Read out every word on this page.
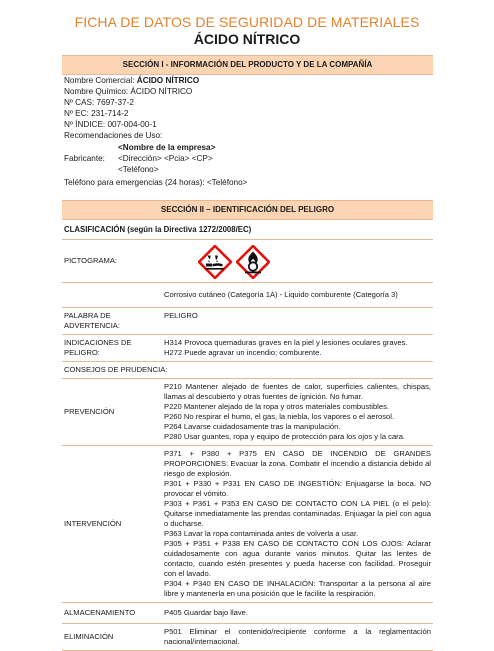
FICHA DE DATOS DE SEGURIDAD DE MATERIALES
ÁCIDO NÍTRICO
SECCIÓN I - INFORMACIÓN DEL PRODUCTO Y DE LA COMPAÑÍA
Nombre Comercial: ÁCIDO NÍTRICO
Nombre Químico: ÁCIDO NÍTRICO
Nº CAS: 7697-37-2
Nº EC: 231-714-2
Nº ÍNDICE: 007-004-00-1
Recomendaciones de Uso:
Fabricante:
<Nombre de la empresa>
<Dirección> <Pcia> <CP>
<Teléfono>
Teléfono para emergencias (24 horas): <Teléfono>
SECCIÓN II – IDENTIFICACIÓN DEL PELIGRO
CLASIFICACIÓN (según la Directiva 1272/2008/EC)
PICTOGRAMA:
Corrosivo cutáneo (Categoría 1A) - Liquido comburente (Categoría 3)
PALABRA DE ADVERTENCIA:
PELIGRO
INDICACIONES DE PELIGRO:
H314 Provoca quemaduras graves en la piel y lesiones oculares graves.
H272 Puede agravar un incendio; comburente.
CONSEJOS DE PRUDENCIA:
PREVENCIÓN
P210 Mantener alejado de fuentes de calor, superficies calientes, chispas, llamas al descubierto y otras fuentes de ignición. No fumar.
P220 Mantener alejado de la ropa y otros materiales combustibles.
P260 No respirar el humo, el gas, la niebla, los vapores o el aerosol.
P264 Lavarse cuidadosamente tras la manipulación.
P280 Usar guantes, ropa y equipo de protección para los ojos y la cara.
INTERVENCIÓN
P371 + P380 + P375 EN CASO DE INCENDIO DE GRANDES PROPORCIONES: Evacuar la zona. Combatir el incendio a distancia debido al riesgo de explosión.
P301 + P330 + P331 EN CASO DE INGESTIÓN: Enjuagarse la boca. NO provocar el vómito.
P303 + P361 + P353 EN CASO DE CONTACTO CON LA PIEL (o el pelo): Quitarse inmediatamente las prendas contaminadas. Enjuagar la piel con agua o ducharse.
P363 Lavar la ropa contaminada antes de volverla a usar.
P305 + P351 + P338 EN CASO DE CONTACTO CON LOS OJOS: Aclarar cuidadosamente con agua durante varios minutos. Quitar las lentes de contacto, cuando estén presentes y pueda hacerse con facilidad. Proseguir con el lavado.
P304 + P340 EN CASO DE INHALACIÓN: Transportar a la persona al aire libre y mantenerla en una posición que le facilite la respiración.
ALMACENAMIENTO	P405 Guardar bajo llave.
ELIMINACIÓN
P501 Eliminar el contenido/recipiente conforme a la reglamentación nacional/internacional.
